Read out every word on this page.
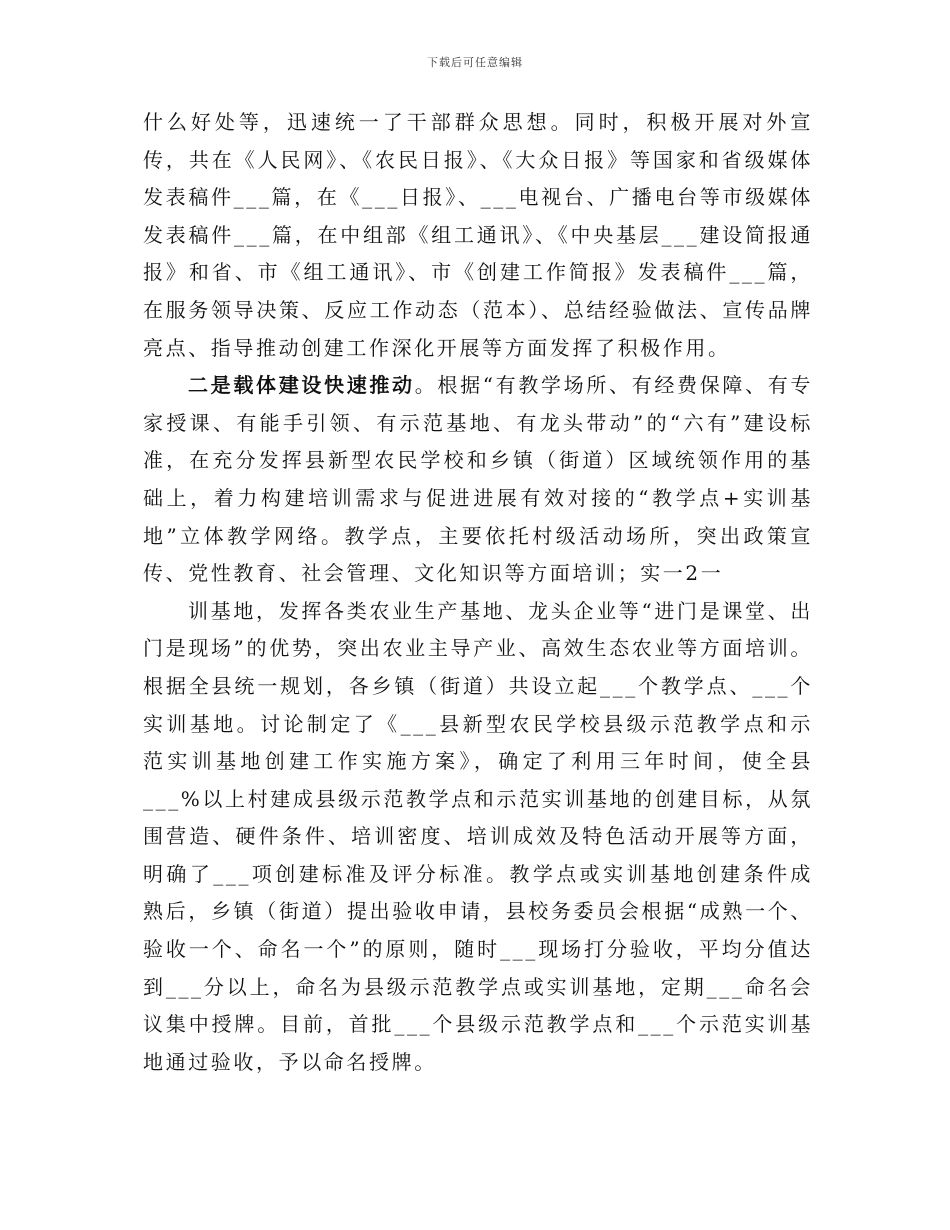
下载后可任意编辑

什么好处等，迅速统一了干部群众思想。同时，积极开展对外宣传，共在《人民网》、《农民日报》、《大众日报》等国家和省级媒体发表稿件___篇，在《___日报》、___电视台、广播电台等市级媒体发表稿件___篇，在中组部《组工通讯》、《中央基层___建设简报通报》和省、市《组工通讯》、市《创建工作简报》发表稿件___篇，在服务领导决策、反应工作动态（范本）、总结经验做法、宣传品牌亮点、指导推动创建工作深化开展等方面发挥了积极作用。

二是载体建设快速推动。根据“有教学场所、有经费保障、有专家授课、有能手引领、有示范基地、有龙头带动”的“六有”建设标准，在充分发挥县新型农民学校和乡镇（街道）区域统领作用的基础上，着力构建培训需求与促进进展有效对接的“教学点+实训基地”立体教学网络。教学点，主要依托村级活动场所，突出政策宣传、党性教育、社会管理、文化知识等方面培训；实一2一

训基地，发挥各类农业生产基地、龙头企业等“进门是课堂、出门是现场”的优势，突出农业主导产业、高效生态农业等方面培训。根据全县统一规划，各乡镇（街道）共设立起___个教学点、___个实训基地。讨论制定了《___县新型农民学校县级示范教学点和示范实训基地创建工作实施方案》，确定了利用三年时间，使全县___%以上村建成县级示范教学点和示范实训基地的创建目标，从氛围营造、硬件条件、培训密度、培训成效及特色活动开展等方面，明确了___项创建标准及评分标准。教学点或实训基地创建条件成熟后，乡镇（街道）提出验收申请，县校务委员会根据“成熟一个、验收一个、命名一个”的原则，随时___现场打分验收，平均分值达到___分以上，命名为县级示范教学点或实训基地，定期___命名会议集中授牌。目前，首批___个县级示范教学点和___个示范实训基地通过验收，予以命名授牌。
